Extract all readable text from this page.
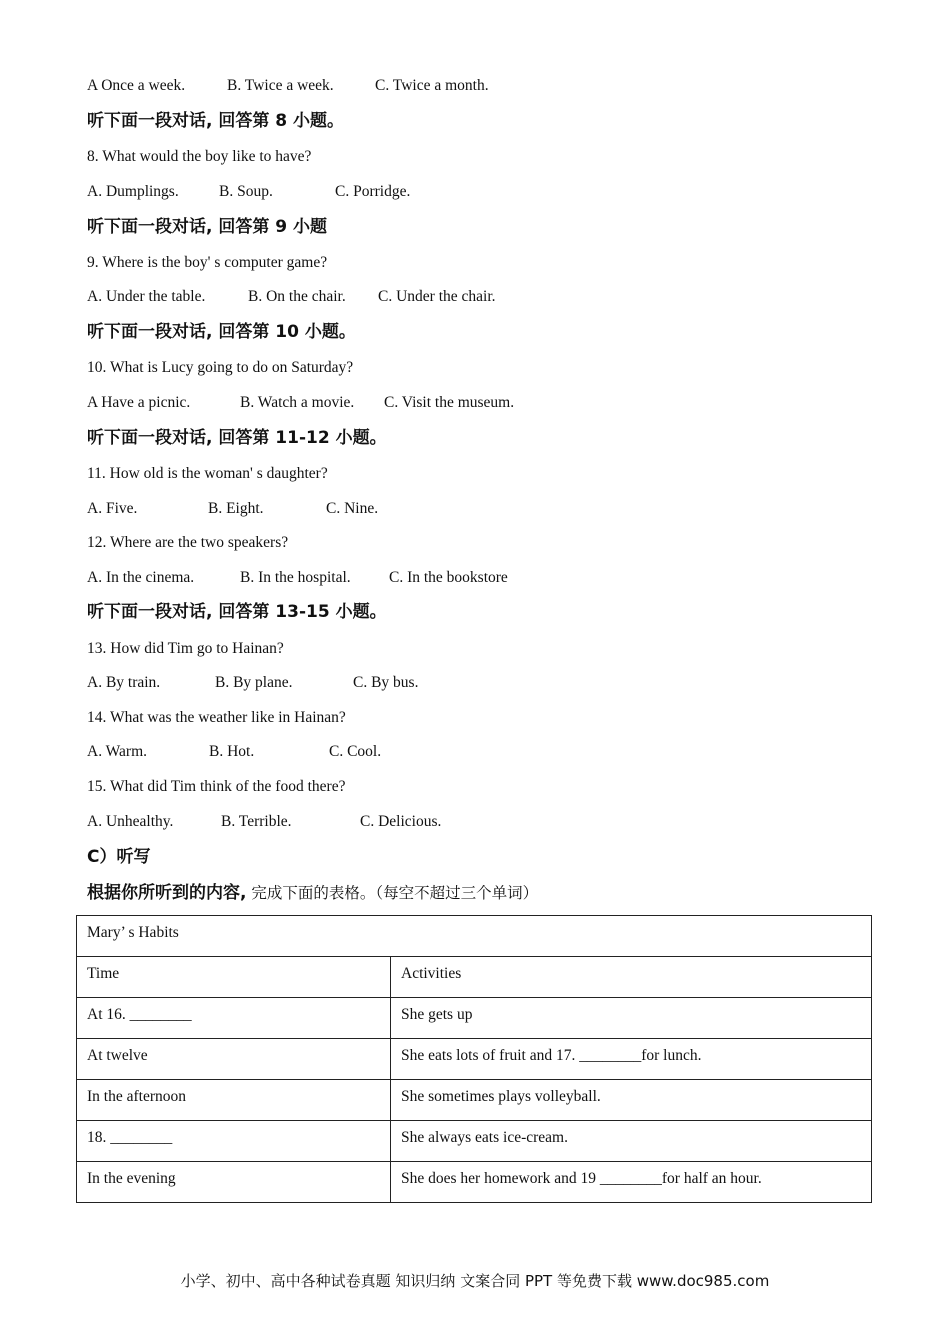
A Once a week.	B. Twice a week.	C. Twice a month.
听下面一段对话, 回答第 8 小题。
8. What would the boy like to have?
A. Dumplings.	B. Soup.	C. Porridge.
听下面一段对话, 回答第 9 小题
9. Where is the boy' s computer game?
A. Under the table.	B. On the chair. C. Under the chair.
听下面一段对话, 回答第 10 小题。
10. What is Lucy going to do on Saturday?
A Have a picnic.	B. Watch a movie. C. Visit the museum.
听下面一段对话, 回答第 11-12 小题。
11. How old is the woman' s daughter?
A. Five.	B. Eight.	C. Nine.
12. Where are the two speakers?
A. In the cinema.	B. In the hospital. C. In the bookstore
听下面一段对话, 回答第 13-15 小题。
13. How did Tim go to Hainan?
A. By train.	B. By plane.	C. By bus.
14. What was the weather like in Hainan?
A. Warm.	B. Hot.	C. Cool.
15. What did Tim think of the food there?
A. Unhealthy.	B. Terrible.	C. Delicious.
C）听写
根据你所听到的内容, 完成下面的表格。（每空不超过三个单词）
Mary’ s Habits	
Time	Activities
At 16. ________	She gets up
At twelve	She eats lots of fruit and 17. ________for lunch.
In the afternoon	She sometimes plays volleyball.
18. ________	She always eats ice-cream.
In the evening	She does her homework and 19 ________for half an hour.
小学、初中、高中各种试卷真题 知识归纳 文案合同 PPT 等免费下载 www.doc985.com
